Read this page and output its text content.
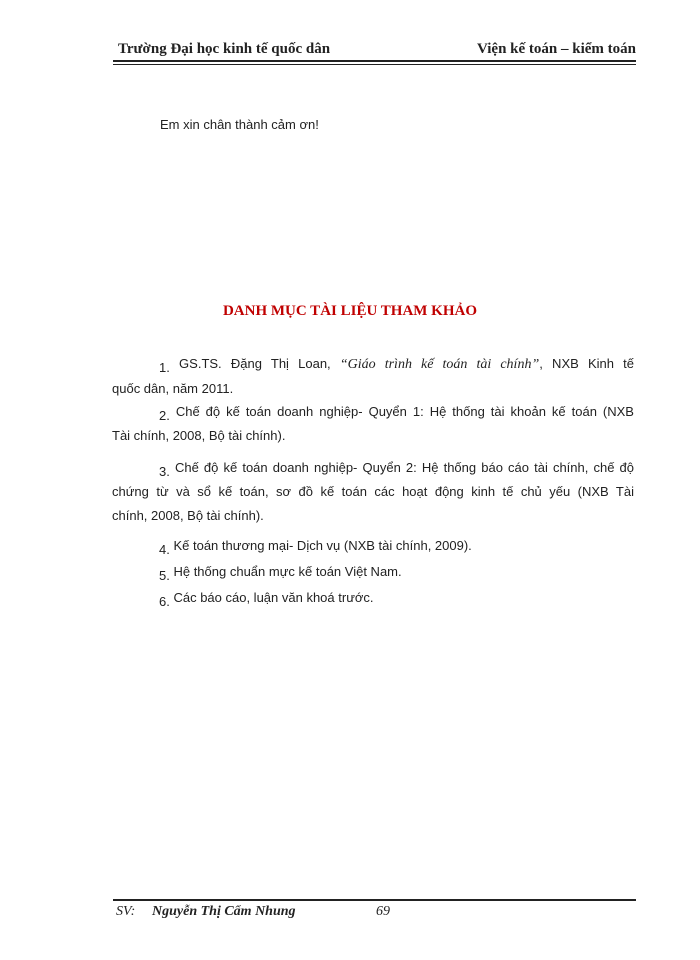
Trường Đại học kinh tế quốc dân	Viện kế toán – kiểm toán
Em xin chân thành cảm ơn!
DANH MỤC TÀI LIỆU THAM KHẢO
1. GS.TS. Đặng Thị Loan, “Giáo trình kế toán tài chính”, NXB Kinh tế
quốc dân, năm 2011.
2. Chế độ kế toán doanh nghiệp- Quyển 1: Hệ thống tài khoản kế toán (NXB
Tài chính, 2008, Bộ tài chính).
3. Chế độ kế toán doanh nghiệp- Quyển 2: Hệ thống báo cáo tài chính, chế độ
chứng từ và sổ kế toán, sơ đồ kế toán các hoạt động kinh tế chủ yếu (NXB Tài
chính, 2008, Bộ tài chính).
4. Kế toán thương mại- Dịch vụ (NXB tài chính, 2009).
5. Hệ thống chuẩn mực kế toán Việt Nam.
6. Các báo cáo, luận văn khoá trước.
SV: Nguyễn Thị Cẩm Nhung	69
